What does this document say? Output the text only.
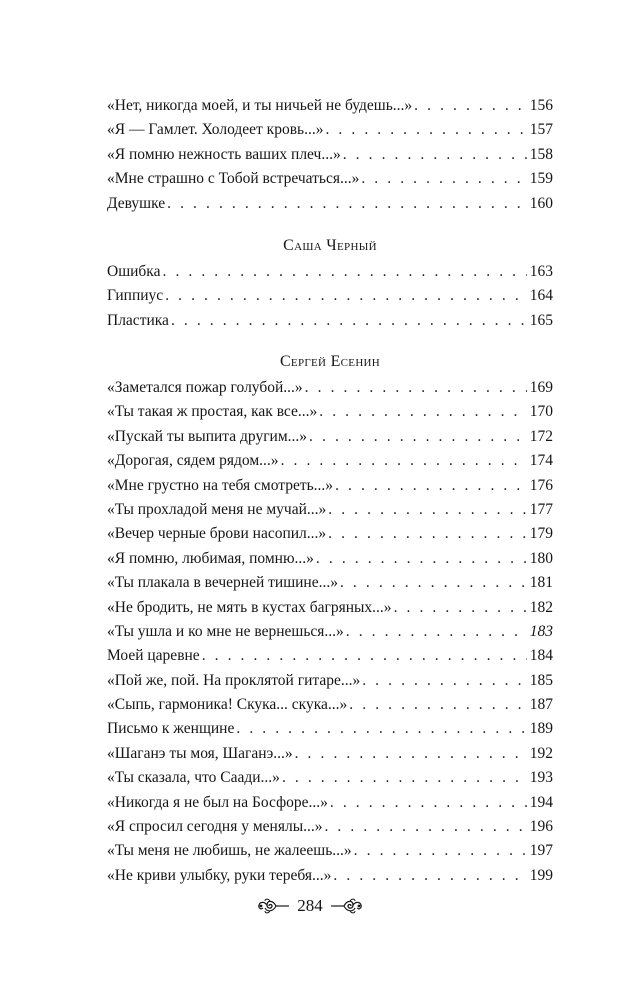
«Нет, никогда моей, и ты ничьей не будешь...» . . .	156
«Я — Гамлет. Холодеет кровь...» . . .	157
«Я помню нежность ваших плеч...» . . .	158
«Мне страшно с Тобой встречаться...» . . .	159
Девушке . . .	160
Саша Черный
Ошибка . . .	163
Гиппиус . . .	164
Пластика . . .	165
Сергей Есенин
«Заметался пожар голубой...» . . .	169
«Ты такая ж простая, как все...» . . .	170
«Пускай ты выпита другим...» . . .	172
«Дорогая, сядем рядом...» . . .	174
«Мне грустно на тебя смотреть...» . . .	176
«Ты прохладой меня не мучай...» . . .	177
«Вечер черные брови насопил...» . . .	179
«Я помню, любимая, помню...» . . .	180
«Ты плакала в вечерней тишине...» . . .	181
«Не бродить, не мять в кустах багряных...» . . .	182
«Ты ушла и ко мне не вернешься...» . . .	183
Моей царевне . . .	184
«Пой же, пой. На проклятой гитаре...» . . .	185
«Сыпь, гармоника! Скука... скука...» . . .	187
Письмо к женщине . . .	189
«Шаганэ ты моя, Шаганэ...» . . .	192
«Ты сказала, что Саади...» . . .	193
«Никогда я не был на Босфоре...» . . .	194
«Я спросил сегодня у менялы...» . . .	196
«Ты меня не любишь, не жалеешь...» . . .	197
«Не криви улыбку, руки теребя...» . . .	199
284
